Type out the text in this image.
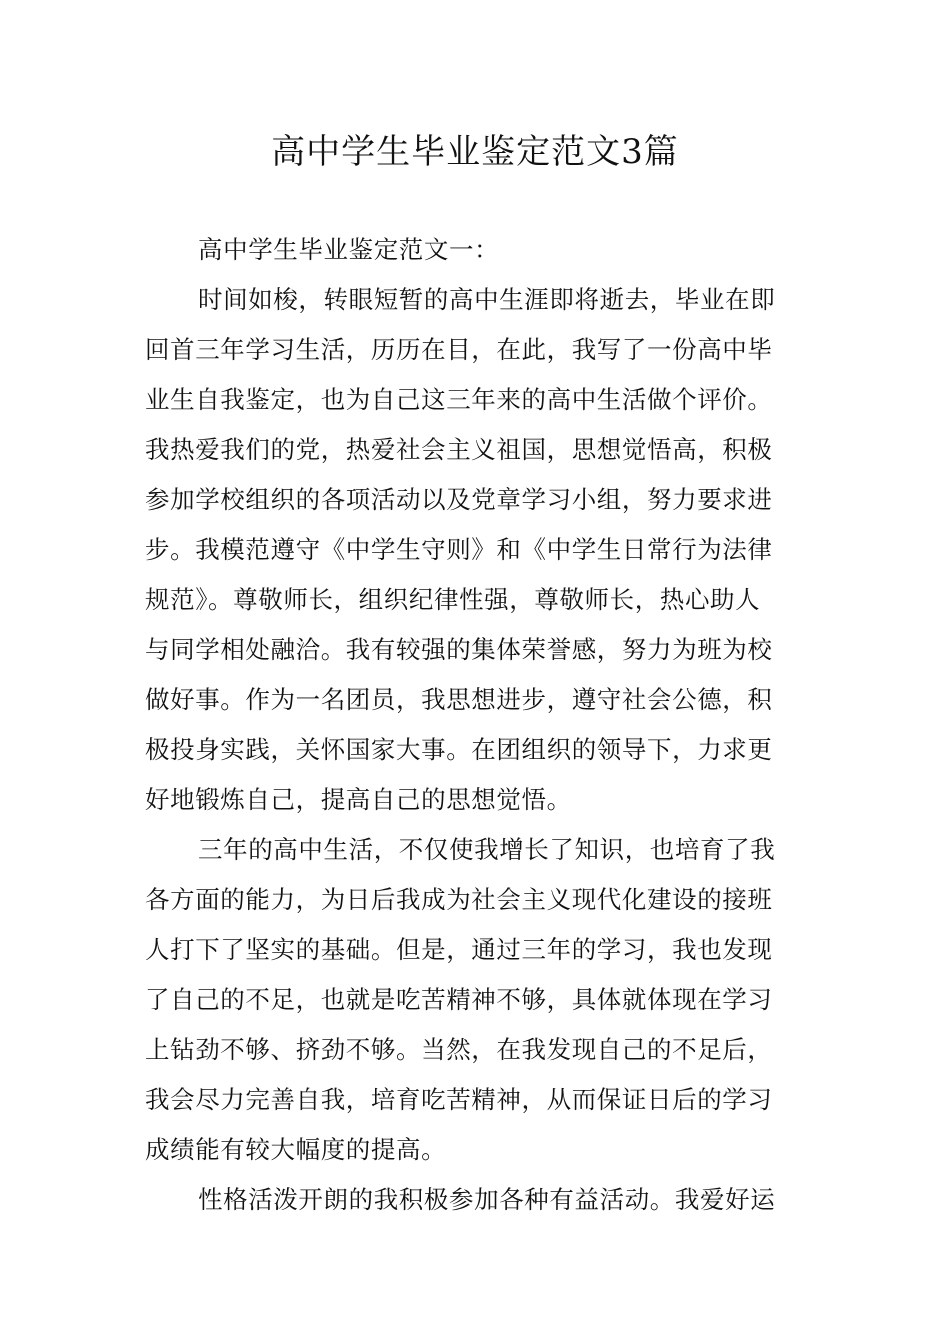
高中学生毕业鉴定范文3篇
高中学生毕业鉴定范文一：
时间如梭，转眼短暂的高中生涯即将逝去，毕业在即
回首三年学习生活，历历在目，在此，我写了一份高中毕
业生自我鉴定，也为自己这三年来的高中生活做个评价。
我热爱我们的党，热爱社会主义祖国，思想觉悟高，积极
参加学校组织的各项活动以及党章学习小组，努力要求进
步。我模范遵守《中学生守则》和《中学生日常行为法律
规范》。尊敬师长，组织纪律性强，尊敬师长，热心助人
与同学相处融洽。我有较强的集体荣誉感，努力为班为校
做好事。作为一名团员，我思想进步，遵守社会公德，积
极投身实践，关怀国家大事。在团组织的领导下，力求更
好地锻炼自己，提高自己的思想觉悟。
三年的高中生活，不仅使我增长了知识，也培育了我
各方面的能力，为日后我成为社会主义现代化建设的接班
人打下了坚实的基础。但是，通过三年的学习，我也发现
了自己的不足，也就是吃苦精神不够，具体就体现在学习
上钻劲不够、挤劲不够。当然，在我发现自己的不足后，
我会尽力完善自我，培育吃苦精神，从而保证日后的学习
成绩能有较大幅度的提高。
性格活泼开朗的我积极参加各种有益活动。我爱好运
